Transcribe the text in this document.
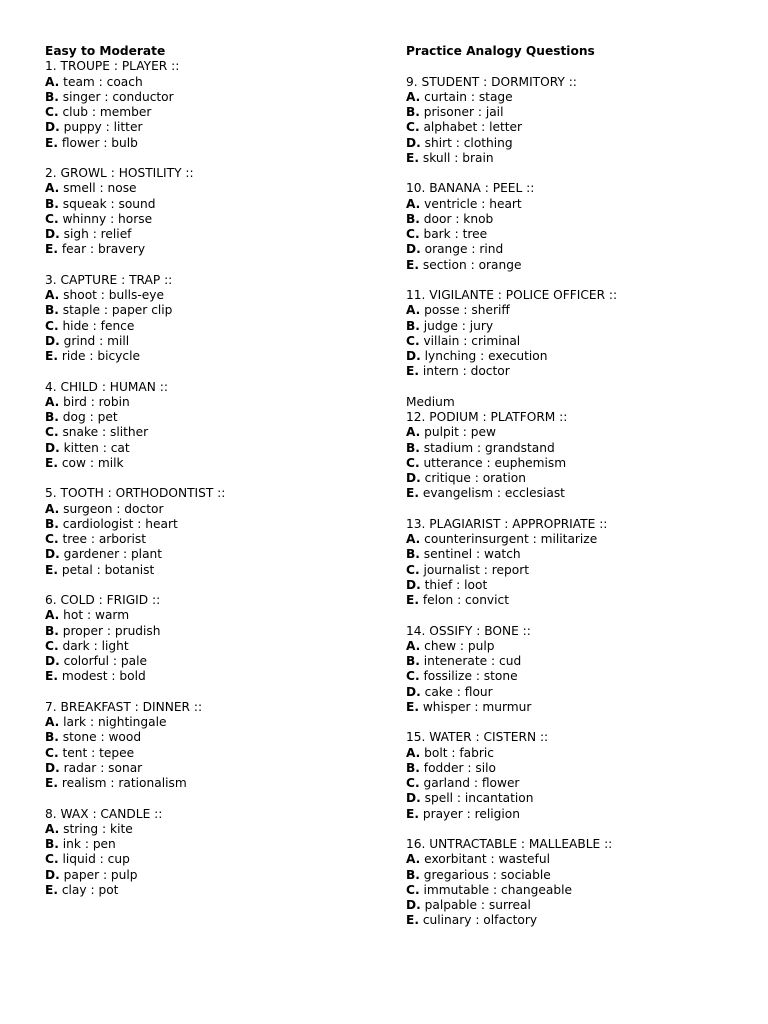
Easy to Moderate

1. TROUPE : PLAYER ::

A. team : coach

B. singer : conductor

C. club : member

D. puppy : litter

E. flower : bulb

2. GROWL : HOSTILITY ::

A. smell : nose

B. squeak : sound

C. whinny : horse

D. sigh : relief

E. fear : bravery

3. CAPTURE : TRAP ::

A. shoot : bulls-eye

B. staple : paper clip

C. hide : fence

D. grind : mill

E. ride : bicycle

4. CHILD : HUMAN ::

A. bird : robin

B. dog : pet

C. snake : slither

D. kitten : cat

E. cow : milk

5. TOOTH : ORTHODONTIST ::

A. surgeon : doctor

B. cardiologist : heart

C. tree : arborist

D. gardener : plant

E. petal : botanist

6. COLD : FRIGID ::

A. hot : warm

B. proper : prudish

C. dark : light

D. colorful : pale

E. modest : bold

7. BREAKFAST : DINNER ::

A. lark : nightingale

B. stone : wood

C. tent : tepee

D. radar : sonar

E. realism : rationalism

8. WAX : CANDLE ::

A. string : kite

B. ink : pen

C. liquid : cup

D. paper : pulp

E. clay : pot

Practice Analogy Questions

9. STUDENT : DORMITORY ::

A. curtain : stage

B. prisoner : jail

C. alphabet : letter

D. shirt : clothing

E. skull : brain

10. BANANA : PEEL ::

A. ventricle : heart

B. door : knob

C. bark : tree

D. orange : rind

E. section : orange

11. VIGILANTE : POLICE OFFICER ::

A. posse : sheriff

B. judge : jury

C. villain : criminal

D. lynching : execution

E. intern : doctor

Medium

12. PODIUM : PLATFORM ::

A. pulpit : pew

B. stadium : grandstand

C. utterance : euphemism

D. critique : oration

E. evangelism : ecclesiast

13. PLAGIARIST : APPROPRIATE ::

A. counterinsurgent : militarize

B. sentinel : watch

C. journalist : report

D. thief : loot

E. felon : convict

14. OSSIFY : BONE ::

A. chew : pulp

B. intenerate : cud

C. fossilize : stone

D. cake : flour

E. whisper : murmur

15. WATER : CISTERN ::

A. bolt : fabric

B. fodder : silo

C. garland : flower

D. spell : incantation

E. prayer : religion

16. UNTRACTABLE : MALLEABLE ::

A. exorbitant : wasteful

B. gregarious : sociable

C. immutable : changeable

D. palpable : surreal

E. culinary : olfactory
